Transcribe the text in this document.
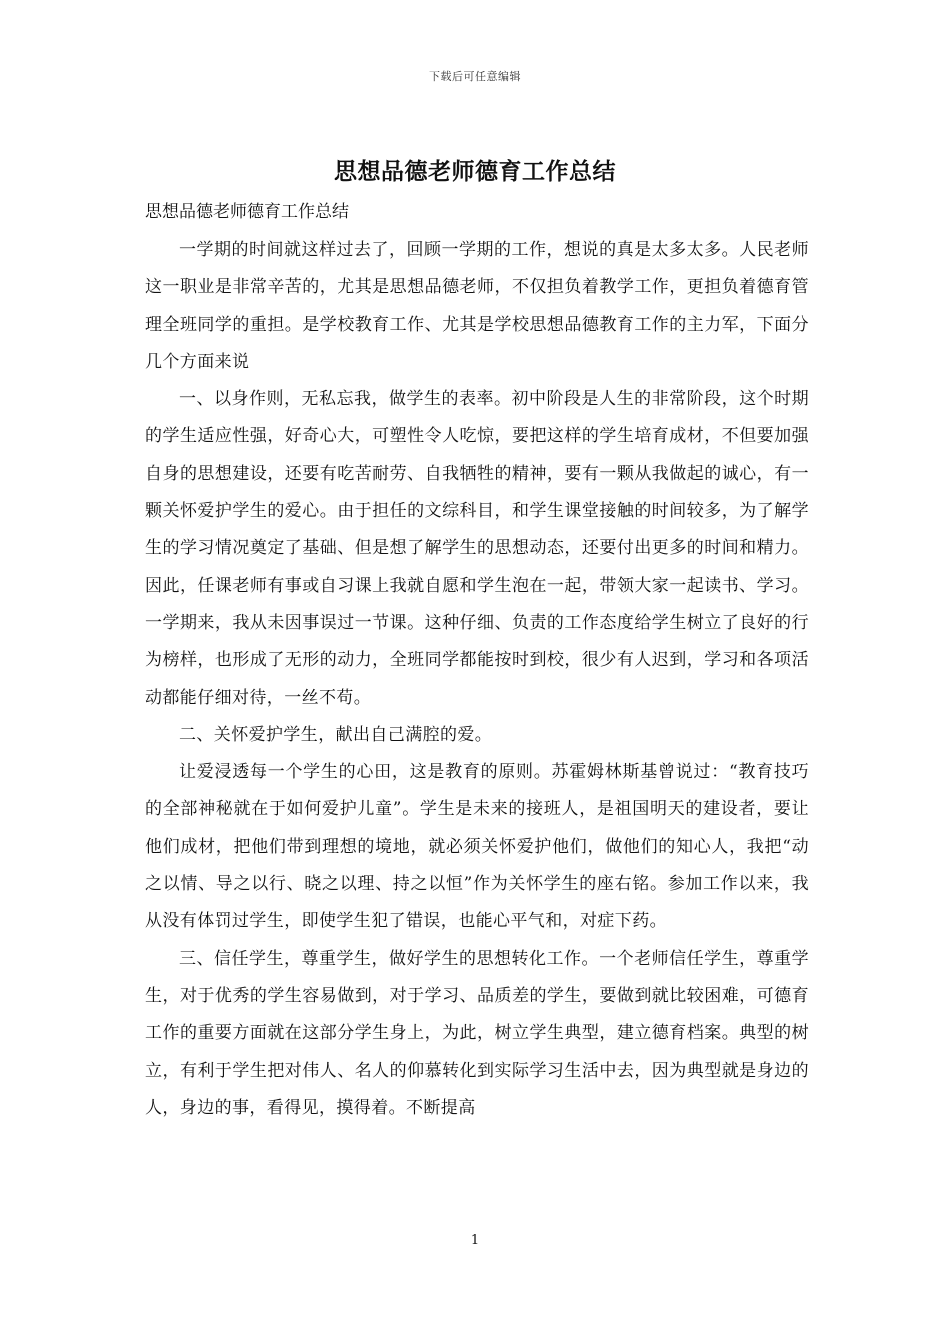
下载后可任意编辑
思想品德老师德育工作总结
思想品德老师德育工作总结

一学期的时间就这样过去了，回顾一学期的工作，想说的真是太多太多。人民老师这一职业是非常辛苦的，尤其是思想品德老师，不仅担负着教学工作，更担负着德育管理全班同学的重担。是学校教育工作、尤其是学校思想品德教育工作的主力军，下面分几个方面来说

一、以身作则，无私忘我，做学生的表率。初中阶段是人生的非常阶段，这个时期的学生适应性强，好奇心大，可塑性令人吃惊，要把这样的学生培育成材，不但要加强自身的思想建设，还要有吃苦耐劳、自我牺牲的精神，要有一颗从我做起的诚心，有一颗关怀爱护学生的爱心。由于担任的文综科目，和学生课堂接触的时间较多，为了解学生的学习情况奠定了基础、但是想了解学生的思想动态，还要付出更多的时间和精力。因此，任课老师有事或自习课上我就自愿和学生泡在一起，带领大家一起读书、学习。一学期来，我从未因事误过一节课。这种仔细、负责的工作态度给学生树立了良好的行为榜样，也形成了无形的动力，全班同学都能按时到校，很少有人迟到，学习和各项活动都能仔细对待，一丝不苟。

二、关怀爱护学生，献出自己满腔的爱。

让爱浸透每一个学生的心田，这是教育的原则。苏霍姆林斯基曾说过：“教育技巧的全部神秘就在于如何爱护儿童”。学生是未来的接班人，是祖国明天的建设者，要让他们成材，把他们带到理想的境地，就必须关怀爱护他们，做他们的知心人，我把“动之以情、导之以行、晓之以理、持之以恒”作为关怀学生的座右铭。参加工作以来，我从没有体罚过学生，即使学生犯了错误，也能心平气和，对症下药。

三、信任学生，尊重学生，做好学生的思想转化工作。一个老师信任学生，尊重学生，对于优秀的学生容易做到，对于学习、品质差的学生，要做到就比较困难，可德育工作的重要方面就在这部分学生身上，为此，树立学生典型，建立德育档案。典型的树立，有利于学生把对伟人、名人的仰慕转化到实际学习生活中去，因为典型就是身边的人，身边的事，看得见，摸得着。不断提高

1
